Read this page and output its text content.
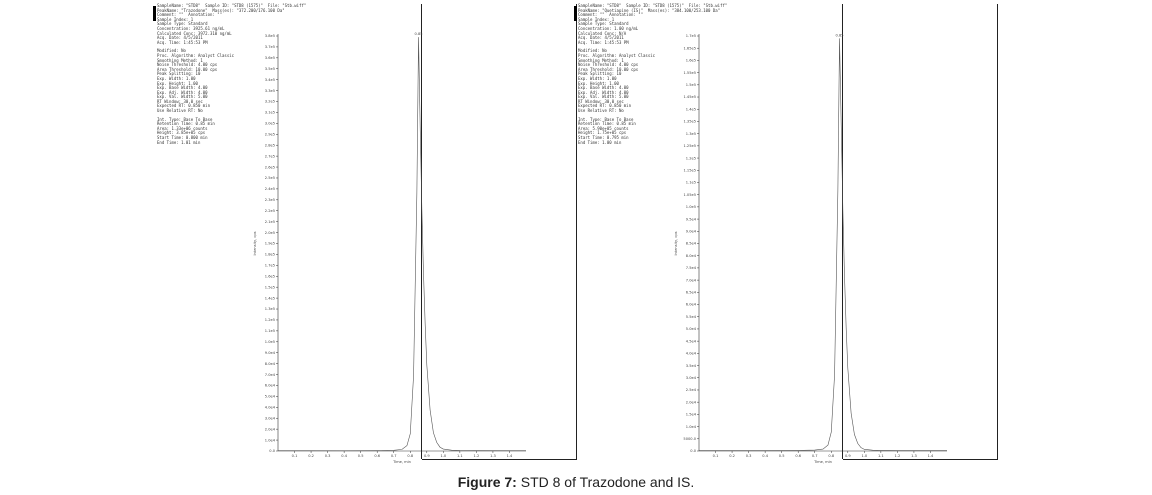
SampleName: "STD8"  Sample ID: "STD8 (1575)"  File: "Stb.wiff"
PeakName: "Trazodone"  Mass(es): "372.200/176.100 Da"
Comment: ""  Annotation: ""
Sample Index: 1
Sample Type: Standard
Concentration: 3925.61 ng/mL
Calculated Conc: 3972.310 ng/mL
Acq. Date: 4/5/2011
Acq. Time: 1:45:53 PM
Modified: No
Proc. Algorithm: Analyst Classic
Smoothing Method: 1
Noise Threshold: 4.00 cps
Area Threshold: 10.00 cps
Peak Splitting: 10
Exp. Width: 1.00
Exp. Height: 1.00
Exp. Base Width: 4.00
Exp. Adj. Width: 4.00
Exp. Val. Width: 5.00
RT Window: 30.0 sec
Expected RT: 0.850 min
Use Relative RT: No
Int. Type: Base To Base
Retention Time: 0.85 min
Area: 1.33e+06 counts
Height: 3.85e+05 cps
Start Time: 0.800 min
End Time: 1.01 min
0.0
1.0e4
2.0e4
3.0e4
4.0e4
5.0e4
6.0e4
7.0e4
8.0e4
9.0e4
1.0e5
1.1e5
1.2e5
1.3e5
1.4e5
1.5e5
1.6e5
1.7e5
1.8e5
1.9e5
2.0e5
2.1e5
2.2e5
2.3e5
2.4e5
2.5e5
2.6e5
2.7e5
2.8e5
2.9e5
3.0e5
3.1e5
3.2e5
3.3e5
3.4e5
3.5e5
3.6e5
3.7e5
3.8e5
0.1	0.2	0.3	0.4	0.5	0.6	0.7	0.8	0.9	1.0	1.1	1.2	1.3	1.4
Time, min
Intensity, cps
0.85
SampleName: "STD8"  Sample ID: "STD8 (1575)"  File: "Stb.wiff"
PeakName: "Quetiapine (IS)"  Mass(es): "384.100/253.100 Da"
Comment: ""  Annotation: ""
Sample Index: 1
Sample Type: Standard
Concentration: 1.00 ng/mL
Calculated Conc: N/A
Acq. Date: 4/5/2011
Acq. Time: 1:45:53 PM
Modified: No
Proc. Algorithm: Analyst Classic
Smoothing Method: 1
Noise Threshold: 4.00 cps
Area Threshold: 10.00 cps
Peak Splitting: 10
Exp. Width: 1.00
Exp. Height: 1.00
Exp. Base Width: 4.00
Exp. Adj. Width: 4.00
Exp. Val. Width: 5.00
RT Window: 30.0 sec
Expected RT: 0.850 min
Use Relative RT: No
Int. Type: Base To Base
Retention Time: 0.85 min
Area: 5.90e+05 counts
Height: 1.75e+05 cps
Start Time: 0.795 min
End Time: 1.00 min
0.0
5000.0
1.0e4
1.5e4
2.0e4
2.5e4
3.0e4
3.5e4
4.0e4
4.5e4
5.0e4
5.5e4
6.0e4
6.5e4
7.0e4
7.5e4
8.0e4
8.5e4
9.0e4
9.5e4
1.0e5
1.05e5
1.1e5
1.15e5
1.2e5
1.25e5
1.3e5
1.35e5
1.4e5
1.45e5
1.5e5
1.55e5
1.6e5
1.65e5
1.7e5
0.1	0.2	0.3	0.4	0.5	0.6	0.7	0.8	0.9	1.0	1.1	1.2	1.3	1.4
Time, min
Intensity, cps
0.85
Figure 7: STD 8 of Trazodone and IS.
